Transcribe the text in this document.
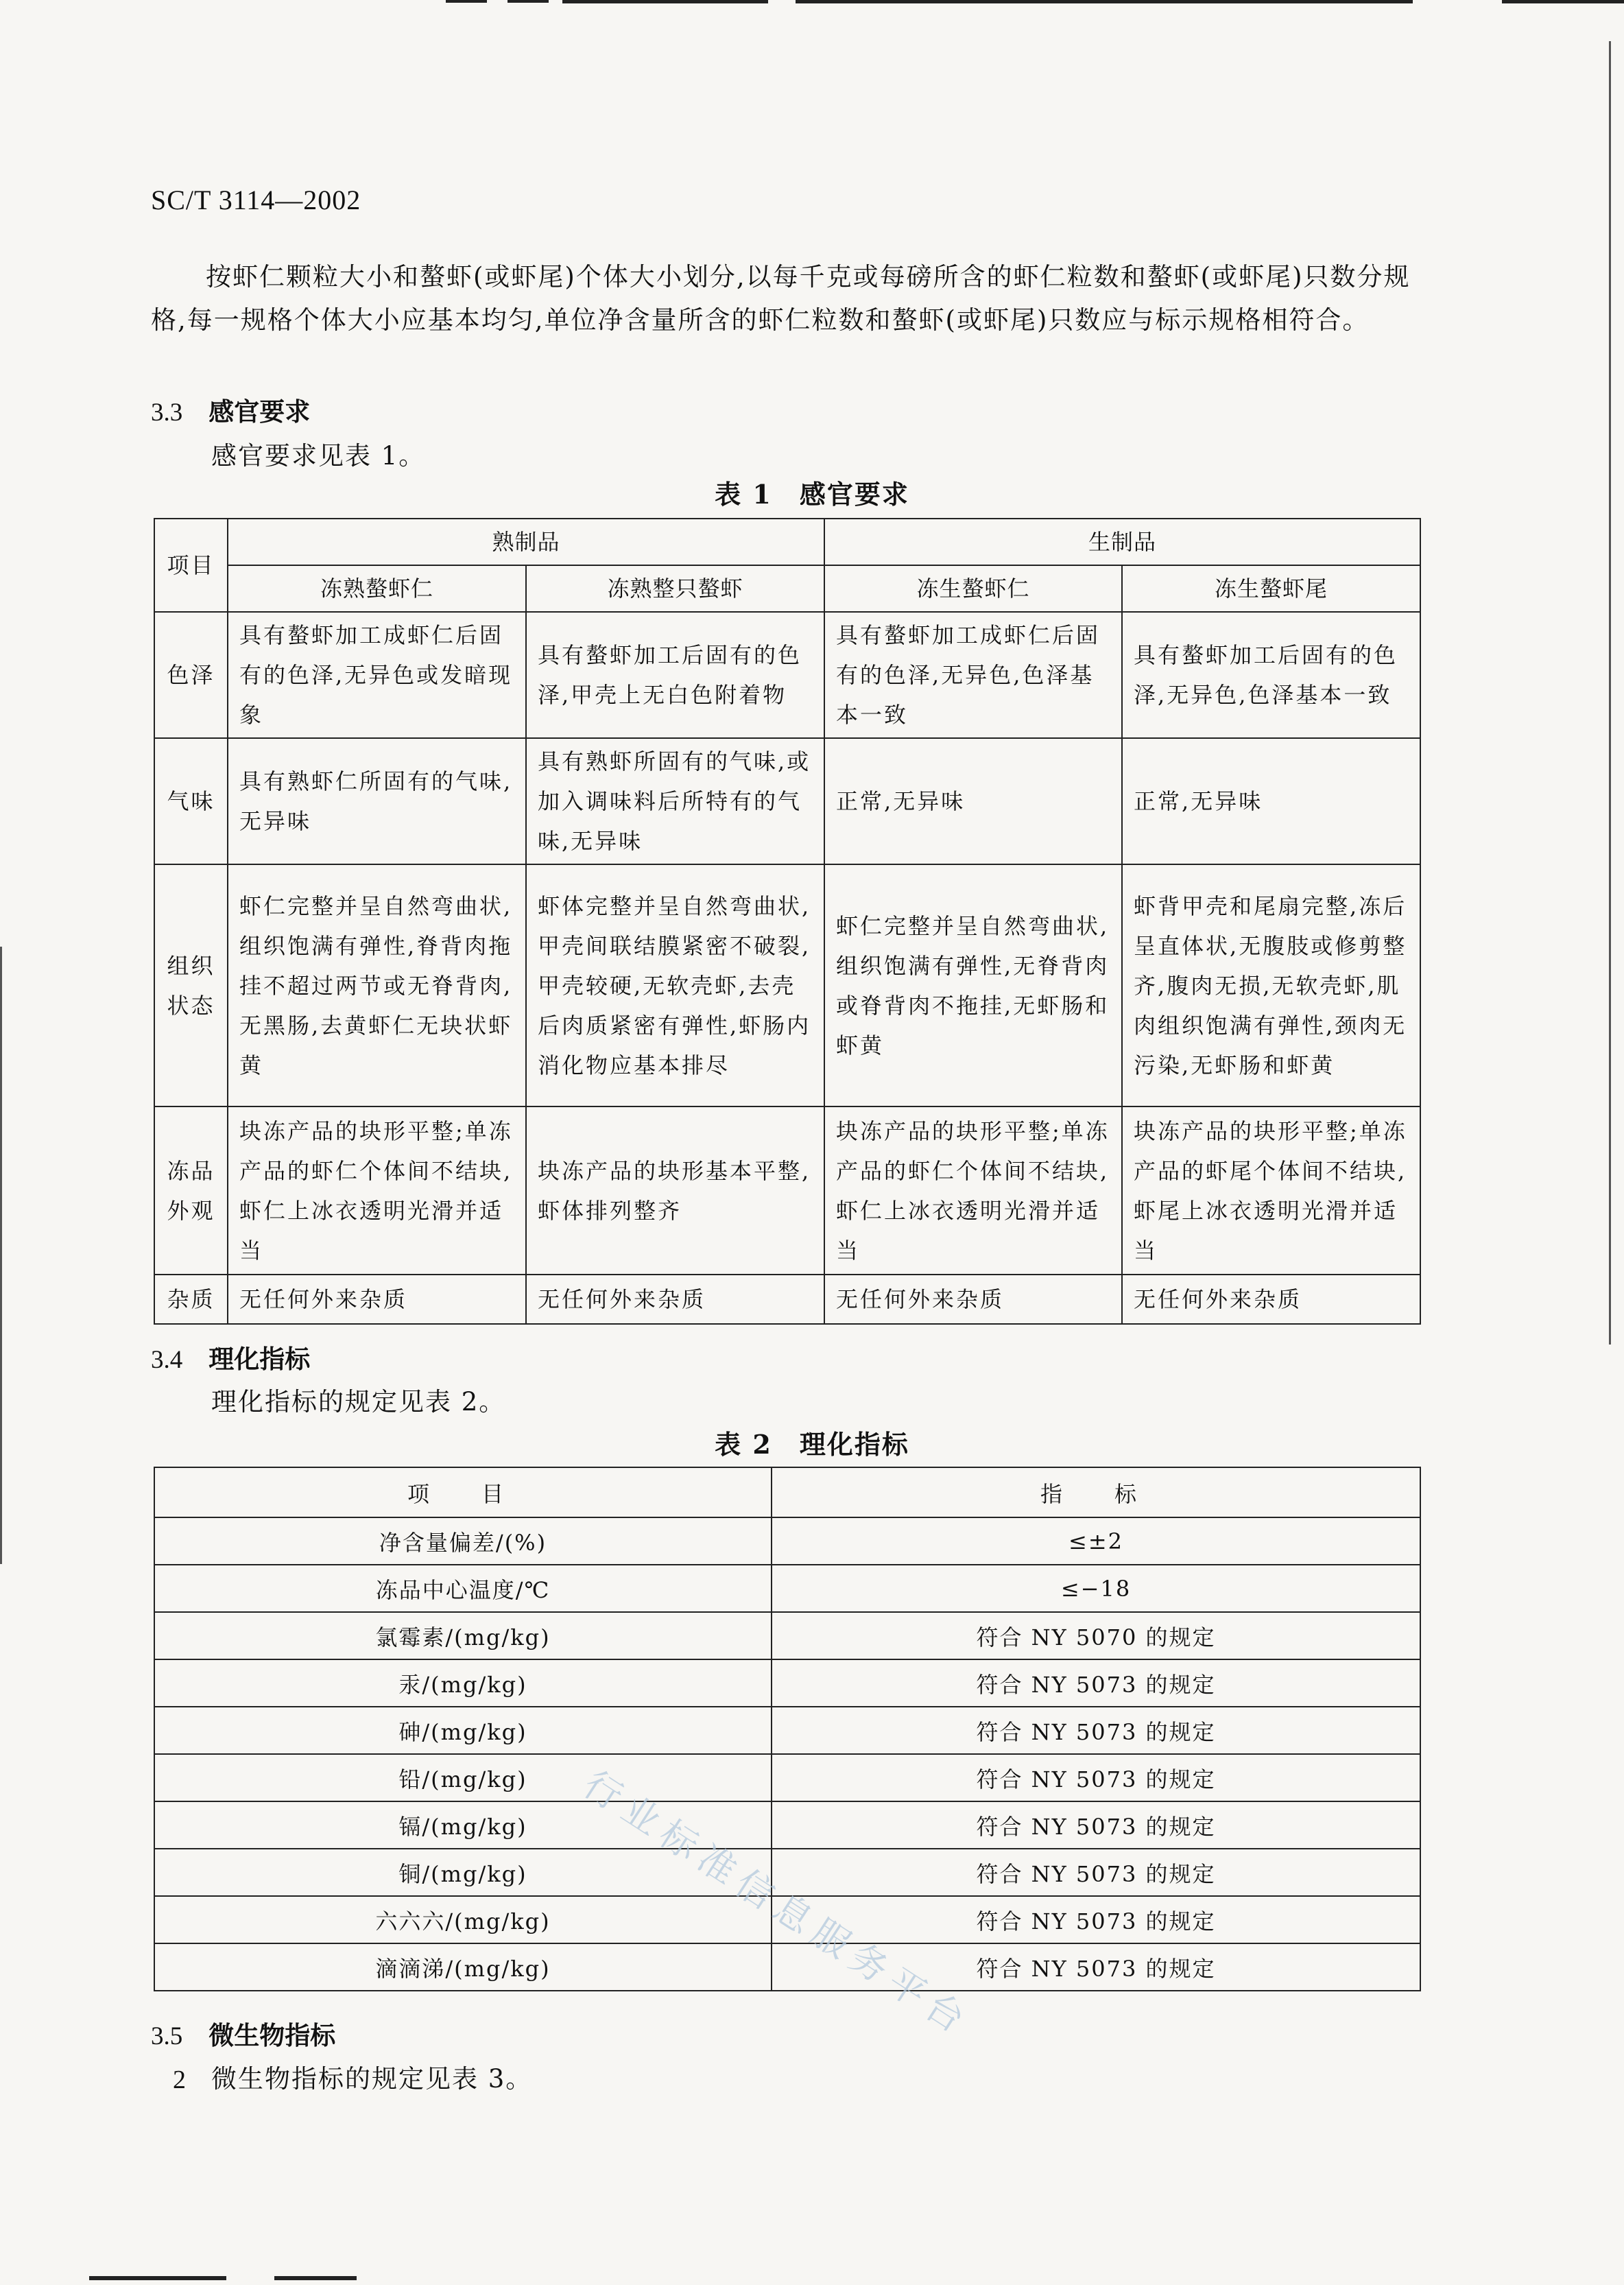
SC/T 3114—2002
按虾仁颗粒大小和螯虾(或虾尾)个体大小划分,以每千克或每磅所含的虾仁粒数和螯虾(或虾尾)只数分规格,每一规格个体大小应基本均匀,单位净含量所含的虾仁粒数和螯虾(或虾尾)只数应与标示规格相符合。
3.3 感官要求
感官要求见表 1。
表 1　感官要求
项目	熟制品		生制品	
	冻熟螯虾仁	冻熟整只螯虾	冻生螯虾仁	冻生螯虾尾
色泽	具有螯虾加工成虾仁后固有的色泽,无异色或发暗现象	具有螯虾加工后固有的色泽,甲壳上无白色附着物	具有螯虾加工成虾仁后固有的色泽,无异色,色泽基本一致	具有螯虾加工后固有的色泽,无异色,色泽基本一致
气味	具有熟虾仁所固有的气味,无异味	具有熟虾所固有的气味,或加入调味料后所特有的气味,无异味	正常,无异味	正常,无异味
组织状态	虾仁完整并呈自然弯曲状,组织饱满有弹性,脊背肉拖挂不超过两节或无脊背肉,无黑肠,去黄虾仁无块状虾黄	虾体完整并呈自然弯曲状,甲壳间联结膜紧密不破裂,甲壳较硬,无软壳虾,去壳后肉质紧密有弹性,虾肠内消化物应基本排尽	虾仁完整并呈自然弯曲状,组织饱满有弹性,无脊背肉或脊背肉不拖挂,无虾肠和虾黄	虾背甲壳和尾扇完整,冻后呈直体状,无腹肢或修剪整齐,腹肉无损,无软壳虾,肌肉组织饱满有弹性,颈肉无污染,无虾肠和虾黄
冻品外观	块冻产品的块形平整;单冻产品的虾仁个体间不结块,虾仁上冰衣透明光滑并适当	块冻产品的块形基本平整,虾体排列整齐	块冻产品的块形平整;单冻产品的虾仁个体间不结块,虾仁上冰衣透明光滑并适当	块冻产品的块形平整;单冻产品的虾尾个体间不结块,虾尾上冰衣透明光滑并适当
杂质	无任何外来杂质	无任何外来杂质	无任何外来杂质	无任何外来杂质
3.4 理化指标
理化指标的规定见表 2。
表 2　理化指标
项　目	指　标
净含量偏差/(%)	≤±2
冻品中心温度/℃	≤−18
氯霉素/(mg/kg)	符合 NY 5070 的规定
汞/(mg/kg)	符合 NY 5073 的规定
砷/(mg/kg)	符合 NY 5073 的规定
铅/(mg/kg)	符合 NY 5073 的规定
镉/(mg/kg)	符合 NY 5073 的规定
铜/(mg/kg)	符合 NY 5073 的规定
六六六/(mg/kg)	符合 NY 5073 的规定
滴滴涕/(mg/kg)	符合 NY 5073 的规定
3.5 微生物指标
微生物指标的规定见表 3。
2
行业标准信息服务平台
